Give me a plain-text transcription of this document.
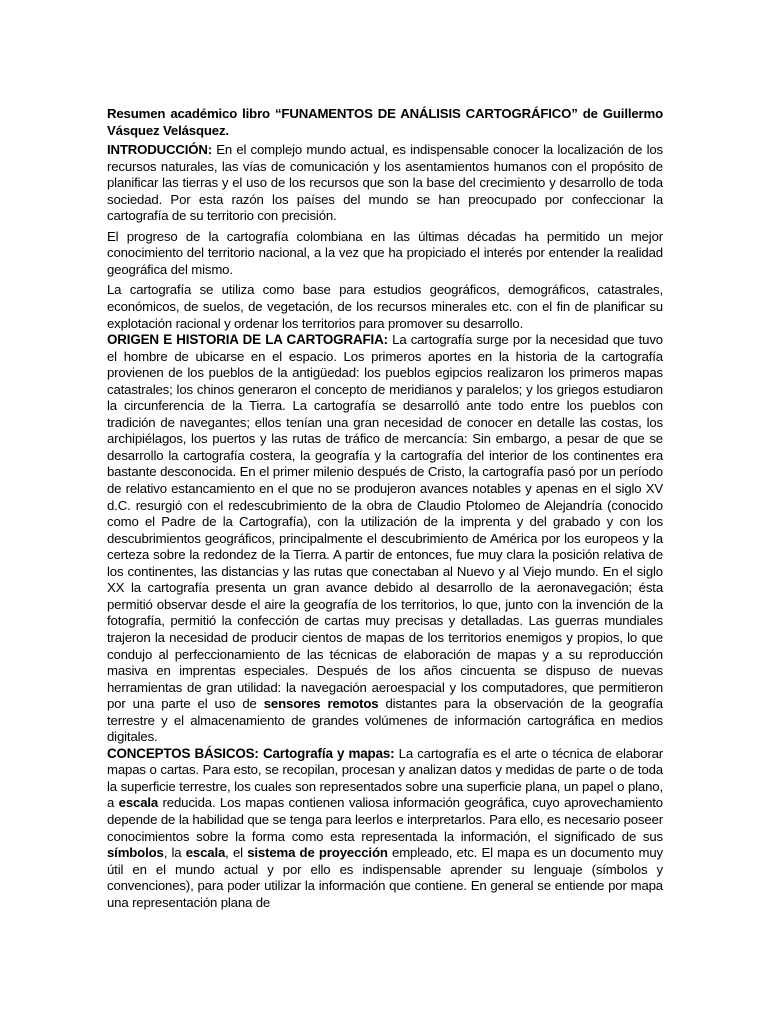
Resumen académico libro “FUNAMENTOS DE ANÁLISIS CARTOGRÁFICO” de Guillermo Vásquez Velásquez.

INTRODUCCIÓN: En el complejo mundo actual, es indispensable conocer la localización de los recursos naturales, las vías de comunicación y los asentamientos humanos con el propósito de planificar las tierras y el uso de los recursos que son la base del crecimiento y desarrollo de toda sociedad. Por esta razón los países del mundo se han preocupado por confeccionar la cartografía de su territorio con precisión.

El progreso de la cartografía colombiana en las últimas décadas ha permitido un mejor conocimiento del territorio nacional, a la vez que ha propiciado el interés por entender la realidad geográfica del mismo.

La cartografía se utiliza como base para estudios geográficos, demográficos, catastrales, económicos, de suelos, de vegetación, de los recursos minerales etc. con el fin de planificar su explotación racional y ordenar los territorios para promover su desarrollo.

ORIGEN E HISTORIA DE LA CARTOGRAFIA: La cartografía surge por la necesidad que tuvo el hombre de ubicarse en el espacio. Los primeros aportes en la historia de la cartografía provienen de los pueblos de la antigüedad: los pueblos egipcios realizaron los primeros mapas catastrales; los chinos generaron el concepto de meridianos y paralelos; y los griegos estudiaron la circunferencia de la Tierra. La cartografía se desarrolló ante todo entre los pueblos con tradición de navegantes; ellos tenían una gran necesidad de conocer en detalle las costas, los archipiélagos, los puertos y las rutas de tráfico de mercancía: Sin embargo, a pesar de que se desarrollo la cartografía costera, la geografía y la cartografía del interior de los continentes era bastante desconocida. En el primer milenio después de Cristo, la cartografía pasó por un período de relativo estancamiento en el que no se produjeron avances notables y apenas en el siglo XV d.C. resurgió con el redescubrimiento de la obra de Claudio Ptolomeo de Alejandría (conocido como el Padre de la Cartografía), con la utilización de la imprenta y del grabado y con los descubrimientos geográficos, principalmente el descubrimiento de América por los europeos y la certeza sobre la redondez de la Tierra. A partir de entonces, fue muy clara la posición relativa de los continentes, las distancias y las rutas que conectaban al Nuevo y al Viejo mundo. En el siglo XX la cartografía presenta un gran avance debido al desarrollo de la aeronavegación; ésta permitió observar desde el aire la geografía de los territorios, lo que, junto con la invención de la fotografía, permitió la confección de cartas muy precisas y detalladas. Las guerras mundiales trajeron la necesidad de producir cientos de mapas de los territorios enemigos y propios, lo que condujo al perfeccionamiento de las técnicas de elaboración de mapas y a su reproducción masiva en imprentas especiales. Después de los años cincuenta se dispuso de nuevas herramientas de gran utilidad: la navegación aeroespacial y los computadores, que permitieron por una parte el uso de sensores remotos distantes para la observación de la geografía terrestre y el almacenamiento de grandes volúmenes de información cartográfica en medios digitales.

CONCEPTOS BÁSICOS: Cartografía y mapas: La cartografía es el arte o técnica de elaborar mapas o cartas. Para esto, se recopilan, procesan y analizan datos y medidas de parte o de toda la superficie terrestre, los cuales son representados sobre una superficie plana, un papel o plano, a escala reducida. Los mapas contienen valiosa información geográfica, cuyo aprovechamiento depende de la habilidad que se tenga para leerlos e interpretarlos. Para ello, es necesario poseer conocimientos sobre la forma como esta representada la información, el significado de sus símbolos, la escala, el sistema de proyección empleado, etc. El mapa es un documento muy útil en el mundo actual y por ello es indispensable aprender su lenguaje (símbolos y convenciones), para poder utilizar la información que contiene. En general se entiende por mapa una representación plana de
